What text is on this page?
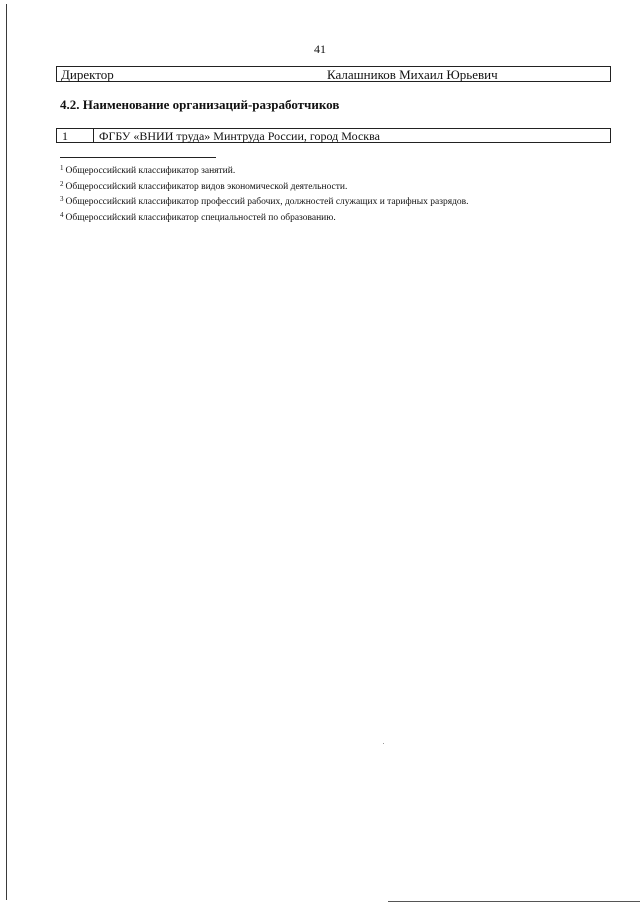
41
Директор	Калашников Михаил Юрьевич
4.2. Наименование организаций-разработчиков
1	ФГБУ «ВНИИ труда» Минтруда России, город Москва
$^1$ Общероссийский классификатор занятий.
$^2$ Общероссийский классификатор видов экономической деятельности.
$^3$ Общероссийский классификатор профессий рабочих, должностей служащих и тарифных разрядов.
$^4$ Общероссийский классификатор специальностей по образованию.
